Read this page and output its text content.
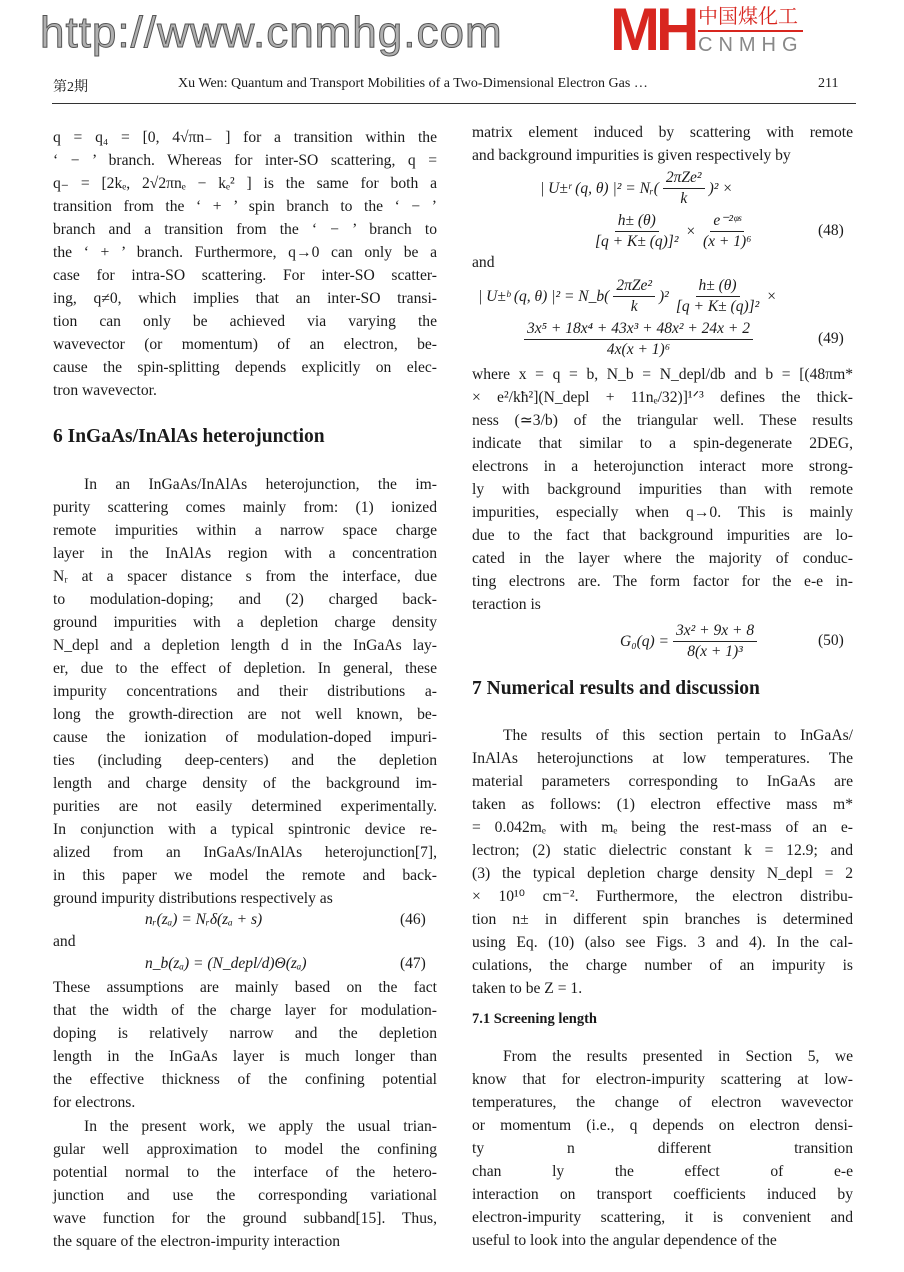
http://www.cnmhg.com MH 中国煤化工
CNMHG
第2期	Xu Wen: Quantum and Transport Mobilities of a Two-Dimensional Electron Gas …	211
q = q₄ = [0, 4√πn₋ ] for a transition within the
‘ − ’ branch. Whereas for inter-SO scattering, q =
q₋ = [2kₑ, 2√2πnₑ − kₑ² ] is the same for both a
transition from the ‘ + ’ spin branch to the ‘ − ’
branch and a transition from the ‘ − ’ branch to
the ‘ + ’ branch. Furthermore, q→0 can only be a
case for intra-SO scattering. For inter-SO scatter-
ing, q≠0, which implies that an inter-SO transi-
tion can only be achieved via varying the
wavevector (or momentum) of an electron, be-
cause the spin-splitting depends explicitly on elec-
tron wavevector.
In an InGaAs/InAlAs heterojunction, the im-
purity scattering comes mainly from: (1) ionized
remote impurities within a narrow space charge
layer in the InAlAs region with a concentration
Nᵣ at a spacer distance s from the interface, due
to modulation-doping; and (2) charged back-
ground impurities with a depletion charge density
N_depl and a depletion length d in the InGaAs lay-
er, due to the effect of depletion. In general, these
impurity concentrations and their distributions a-
long the growth-direction are not well known, be-
cause the ionization of modulation-doped impuri-
ties (including deep-centers) and the depletion
length and charge density of the background im-
purities are not easily determined experimentally.
In conjunction with a typical spintronic device re-
alized from an InGaAs/InAlAs heterojunction[7],
in this paper we model the remote and back-
ground impurity distributions respectively as
These assumptions are mainly based on the fact
that the width of the charge layer for modulation-
doping is relatively narrow and the depletion
length in the InGaAs layer is much longer than
the effective thickness of the confining potential
for electrons.
In the present work, we apply the usual trian-
gular well approximation to model the confining
potential normal to the interface of the hetero-
junction and use the corresponding variational
wave function for the ground subband[15]. Thus,
the square of the electron-impurity interaction
matrix element induced by scattering with remote
and background impurities is given respectively by
where x = q = b, N_b = N_depl/db and b = [(48πm*
× e²/kħ²](N_depl + 11nₑ/32)]¹ᐟ³ defines the thick-
ness (≃3/b) of the triangular well. These results
indicate that similar to a spin-degenerate 2DEG,
electrons in a heterojunction interact more strong-
ly with background impurities than with remote
impurities, especially when q→0. This is mainly
due to the fact that background impurities are lo-
cated in the layer where the majority of conduc-
ting electrons are. The form factor for the e-e in-
teraction is
The results of this section pertain to InGaAs/
InAlAs heterojunctions at low temperatures. The
material parameters corresponding to InGaAs are
taken as follows: (1) electron effective mass m*
= 0.042mₑ with mₑ being the rest-mass of an e-
lectron; (2) static dielectric constant k = 12.9; and
(3) the typical depletion charge density N_depl = 2
× 10¹⁰ cm⁻². Furthermore, the electron distribu-
tion n± in different spin branches is determined
using Eq. (10) (also see Figs. 3 and 4). In the cal-
culations, the charge number of an impurity is
taken to be Z = 1.
From the results presented in Section 5, we
know that for electron-impurity scattering at low-
temperatures, the change of electron wavevector
or momentum (i.e., q depends on electron densi-
ty n different transition
chan ly the effect of e-e
interaction on transport coefficients induced by
electron-impurity scattering, it is convenient and
useful to look into the angular dependence of the
6 InGaAs/InAlAs heterojunction
nᵣ(zₐ) = Nᵣδ(zₐ + s)	(46)
and
n_b(zₐ) = (N_depl/d)Θ(zₐ)	(47)
| U±ʳ (q, θ) |² = Nᵣ ( $\frac{\text{2πZe²}}{k}$ ) ² ×
$\frac{h\pm (\theta)}{\text{[q + K± (q)]²}} \times \frac{\text{e⁻²ᵠˢ}}{\text{(x + 1)⁶}}$	(48)
and
| U±ᵇ (q, θ) |² = N_b ( $\frac{\text{2πZe²}}{k}$ ) $^2 \frac{h\pm (\theta)}{\text{[q + K± (q)]²}}$ ×
$\frac{\text{3x⁵ + 18x⁴ + 43x³ + 48x² + 24x + 2}}{\text{4x(x + 1)⁶}}$	(49)
$G_0(q) = \frac{\text{3x² + 9x + 8}}{\text{8(x + 1)³}}$	(50)
7 Numerical results and discussion
7.1 Screening length
